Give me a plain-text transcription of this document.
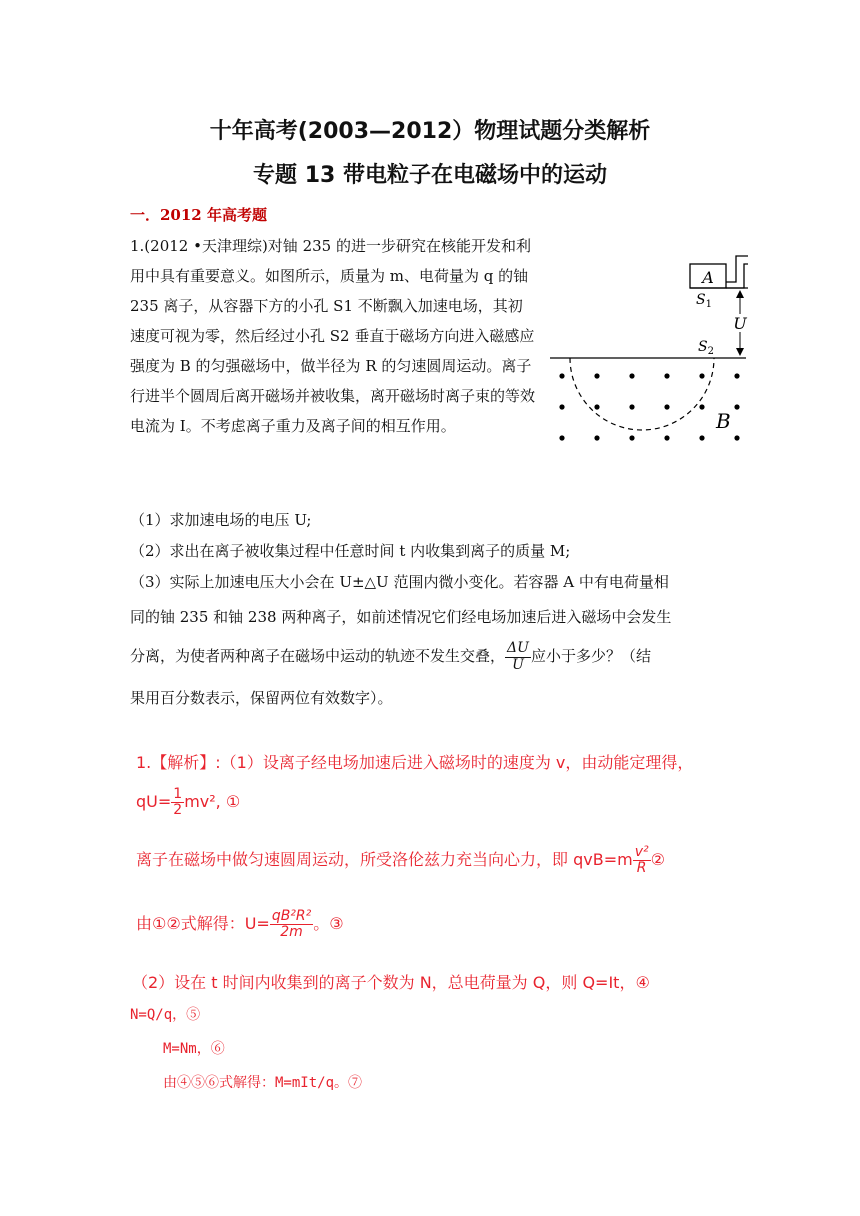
十年高考(2003—2012）物理试题分类解析
专题 13 带电粒子在电磁场中的运动
一．2012 年高考题
1.(2012 •天津理综)对铀 235 的进一步研究在核能开发和利用中具有重要意义。如图所示，质量为 m、电荷量为 q 的铀 235 离子，从容器下方的小孔 S1 不断飘入加速电场，其初速度可视为零，然后经过小孔 S2 垂直于磁场方向进入磁感应强度为 B 的匀强磁场中，做半径为 R 的匀速圆周运动。离子行进半个圆周后离开磁场并被收集，离开磁场时离子束的等效电流为 I。不考虑离子重力及离子间的相互作用。
A
$S_1$
U
$S_2$
B
（1）求加速电场的电压 U;
（2）求出在离子被收集过程中任意时间 t 内收集到离子的质量 M;
（3）实际上加速电压大小会在 U±△U 范围内微小变化。若容器 A 中有电荷量相
同的铀 235 和铀 238 两种离子，如前述情况它们经电场加速后进入磁场中会发生
分离，为使者两种离子在磁场中运动的轨迹不发生交叠， $\frac{\Delta U}{U}$ 应小于多少？（结
果用百分数表示，保留两位有效数字）。
1.【解析】:（1）设离子经电场加速后进入磁场时的速度为 v，由动能定理得，
$qU= \frac{1}{2} mv^2$, ①
离子在磁场中做匀速圆周运动，所受洛伦兹力充当向心力，即 $qvB=m \frac{\text{v²}}{R}$ ②
由①②式解得：$U= \frac{\text{qB²R²}}{2m}$ 。③
（2）设在 t 时间内收集到的离子个数为 N，总电荷量为 Q，则 Q=It，④
N=Q/q，⑤
M=Nm，⑥
由④⑤⑥式解得：M=mIt/q。⑦
